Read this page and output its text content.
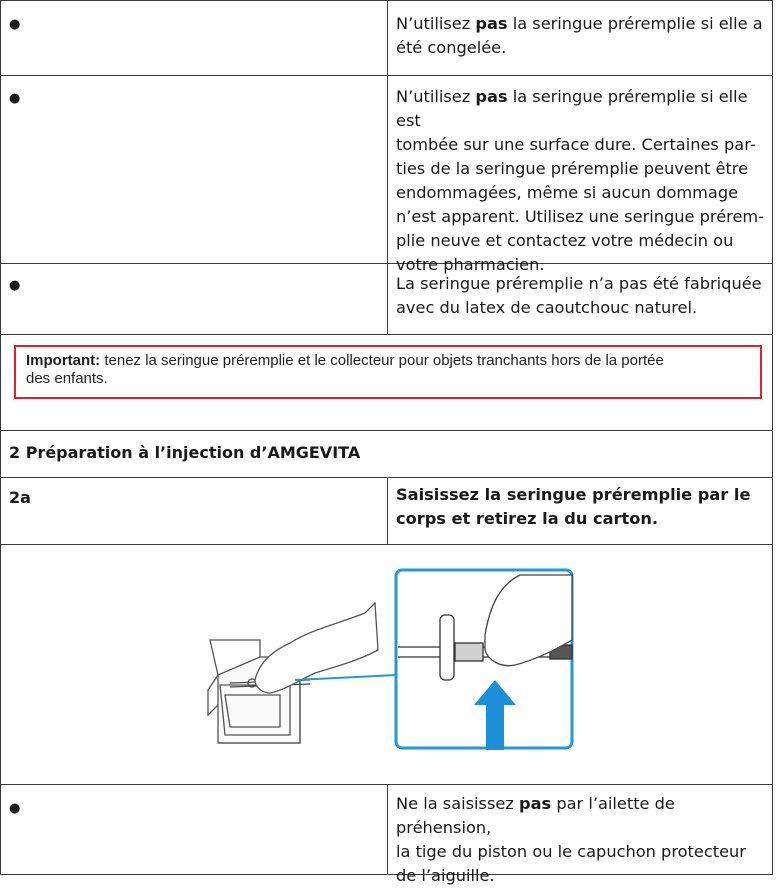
●	N’utilisez pas la seringue préremplie si elle a
été congelée.
●	N’utilisez pas la seringue préremplie si elle est
tombée sur une surface dure. Certaines par-
ties de la seringue préremplie peuvent être
endommagées, même si aucun dommage
n’est apparent. Utilisez une seringue prérem-
plie neuve et contactez votre médecin ou
votre pharmacien.
●	La seringue préremplie n’a pas été fabriquée
avec du latex de caoutchouc naturel.
Important: tenez la seringue préremplie et le collecteur pour objets tranchants hors de la portée
des enfants.
2 Préparation à l’injection d’AMGEVITA
2a	Saisissez la seringue préremplie par le
corps et retirez la du carton.
●	Ne la saisissez pas par l’ailette de préhension,
la tige du piston ou le capuchon protecteur
de l’aiguille.
